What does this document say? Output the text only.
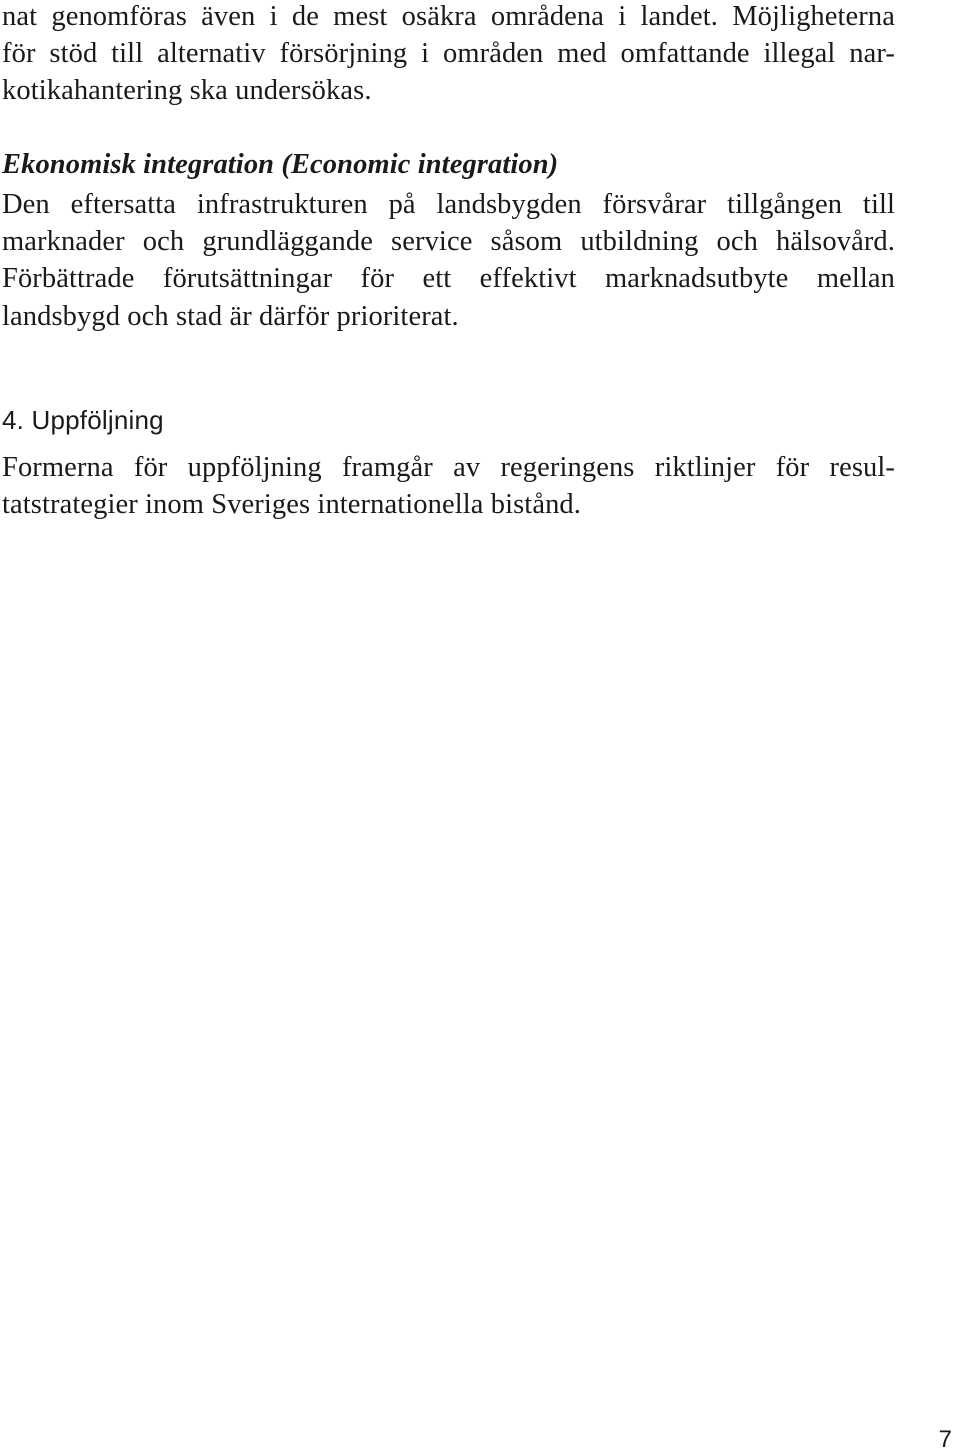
nat genomföras även i de mest osäkra områdena i landet. Möjligheterna
för stöd till alternativ försörjning i områden med omfattande illegal nar-
kotikahantering ska undersökas.
Ekonomisk integration (Economic integration)
Den eftersatta infrastrukturen på landsbygden försvårar tillgången till
marknader och grundläggande service såsom utbildning och hälsovård.
Förbättrade förutsättningar för ett effektivt marknadsutbyte mellan
landsbygd och stad är därför prioriterat.
4. Uppföljning
Formerna för uppföljning framgår av regeringens riktlinjer för resul-
tatstrategier inom Sveriges internationella bistånd.
7
